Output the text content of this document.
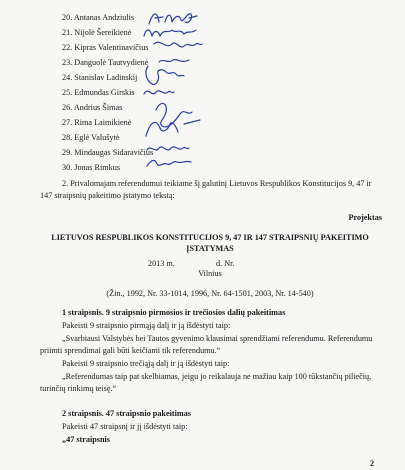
20. Antanas Andziulis
21. Nijolė Šereikienė
22. Kipras Valentinavičius
23. Danguolė Tautvydienė
24. Stanislav Ladinskij
25. Edmundas Girskis
26. Andrius Šimas
27. Rima Laimikienė
28. Eglė Valušytė
29. Mindaugas Sidaravičius
30. Jonas Rimkus
2. Privalomajam referendumui teikiame šį galutinį Lietuvos Respublikos Konstitucijos 9, 47 ir
147 straipsnių pakeitimo įstatymo tekstą:
Projektas
LIETUVOS RESPUBLIKOS KONSTITUCIJOS 9, 47 IR 147 STRAIPSNIŲ PAKEITIMO
ĮSTATYMAS
2013 m.	d. Nr.
Vilnius
(Žin., 1992, Nr. 33-1014, 1996, Nr. 64-1501, 2003, Nr. 14-540)
1 straipsnis. 9 straipsnio pirmosios ir trečiosios dalių pakeitimas
Pakeisti 9 straipsnio pirmąją dalį ir ją išdėstyti taip:
„Svarbiausi Valstybės bei Tautos gyvenimo klausimai sprendžiami referendumu. Referendumu
priimti sprendimai gali būti keičiami tik referendumu.“
Pakeisti 9 straipsnio trečiąją dalį ir ją išdėstyti taip:
„Referendumas taip pat skelbiamas, jeigu jo reikalauja ne mažiau kaip 100 tūkstančių piliečių,
turinčių rinkimų teisę.“
2 straipsnis. 47 straipsnio pakeitimas
Pakeisti 47 straipsnį ir jį išdėstyti taip:
„47 straipsnis
2
